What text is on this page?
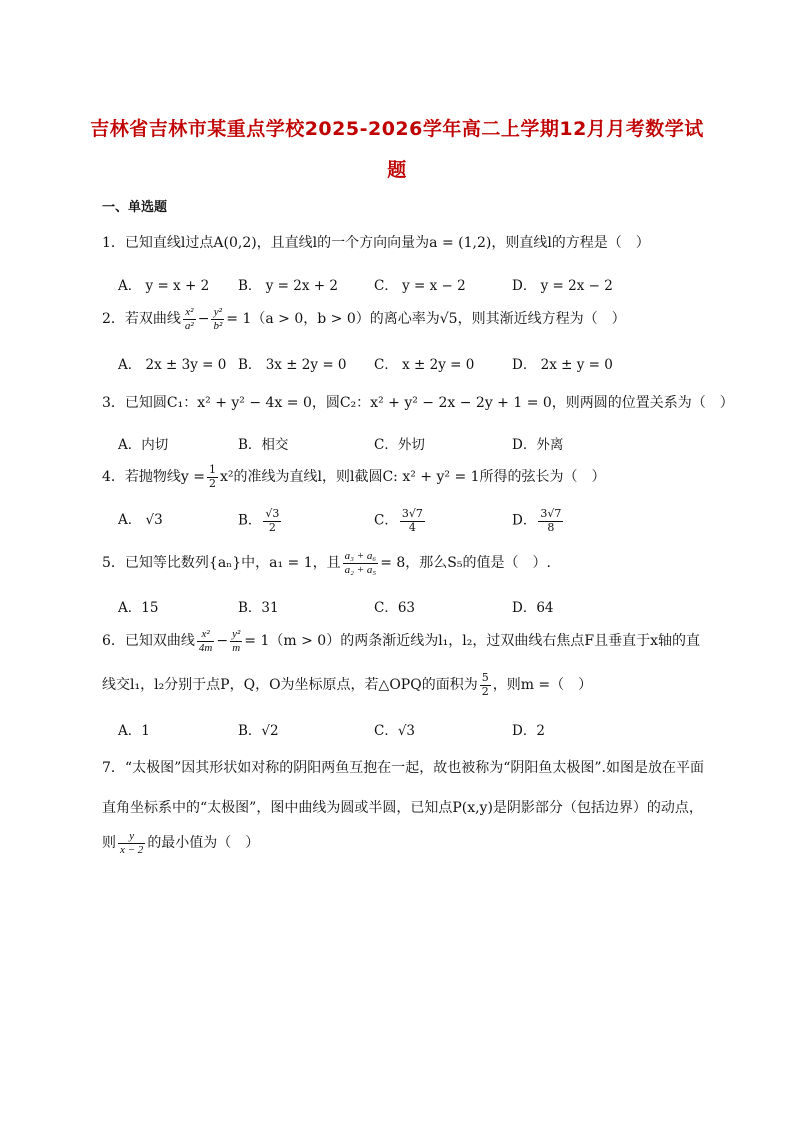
吉林省吉林市某重点学校2025-2026学年高二上学期12月月考数学试
题
一、单选题
1．已知直线l过点A(0,2)，且直线l的一个方向向量为a = (1,2)，则直线l的方程是（　）
A． y = x + 2 B． y = 2x + 2	C． y = x − 2	D． y = 2x − 2
2．若双曲线 $\frac{\text{x²}}{\text{a²}} - \frac{\text{y²}}{\text{b²}} = 1(a > 0$，b > 0）的离心率为√5，则其渐近线方程为（　）
A． 2x ± 3y = 0 B． 3x ± 2y = 0 C． x ± 2y = 0	D． 2x ± y = 0
3．已知圆C₁：x² + y² − 4x = 0，圆C₂：x² + y² − 2x − 2y + 1 = 0，则两圆的位置关系为（　）
A．内切	B．相交	C．外切	D．外离
4．若抛物线$y = \frac{1}{2} x^2$的准线为直线l，则l截圆C: x² + y² = 1所得的弦长为（　）
A． √3	B． $\frac{√3}{2}$	C． $\frac{3√7}{4}$	D． $\frac{3√7}{8}$
5．已知等比数列{aₙ}中，a₁ = 1，且 $\frac{\text{a₃ + a₆}}{\text{a₂ + a₅}} = 8$，那么S₅的值是（　）.
A．15	B．31	C．63	D．64
6．已知双曲线 $\frac{\text{x²}}{4m} - \frac{\text{y²}}{m} = 1(m > 0)$的两条渐近线为l₁，l₂，过双曲线右焦点F且垂直于x轴的直
线交l₁，l₂分别于点P，Q，O为坐标原点，若△OPQ的面积为 $\frac{5}{2}$ ，则m =（　）
A．1	B．√2	C．√3	D．2
7．“太极图”因其形状如对称的阴阳两鱼互抱在一起，故也被称为“阴阳鱼太极图”.如图是放在平面
直角坐标系中的“太极图”，图中曲线为圆或半圆，已知点P(x,y)是阴影部分（包括边界）的动点，
则 $\frac{y}{x - 2}$ 的最小值为（　）
